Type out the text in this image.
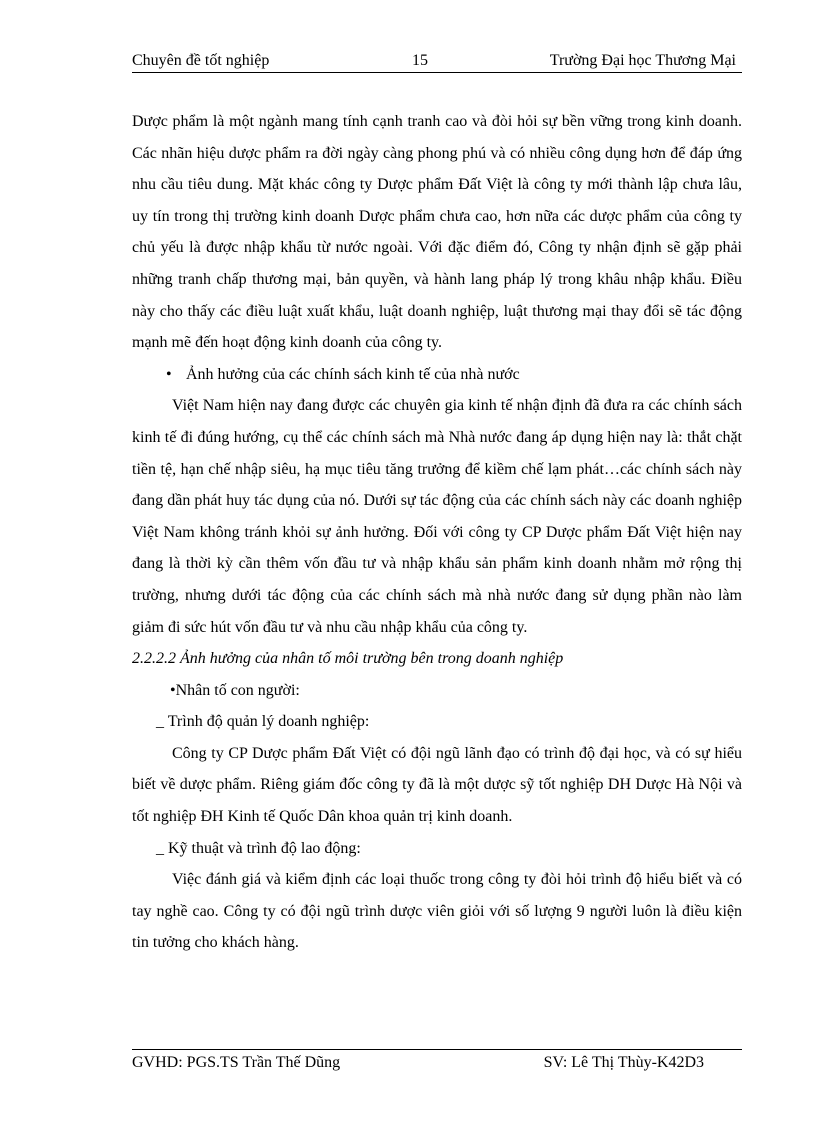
Chuyên đề tốt nghiệp	15	Trường Đại học Thương Mại

Dược phẩm là một ngành mang tính cạnh tranh cao và đòi hỏi sự bền vững trong kinh doanh. Các nhãn hiệu dược phẩm ra đời ngày càng phong phú và có nhiều công dụng hơn để đáp ứng nhu cầu tiêu dung. Mặt khác công ty Dược phẩm Đất Việt là công ty mới thành lập chưa lâu, uy tín trong thị trường kinh doanh Dược phẩm chưa cao, hơn nữa các dược phẩm của công ty chủ yếu là được nhập khẩu từ nước ngoài. Với đặc điểm đó, Công ty nhận định sẽ gặp phải những tranh chấp thương mại, bản quyền, và hành lang pháp lý trong khâu nhập khẩu. Điều này cho thấy các điều luật xuất khẩu, luật doanh nghiệp, luật thương mại thay đổi sẽ tác động mạnh mẽ đến hoạt động kinh doanh của công ty.

• Ảnh hưởng của các chính sách kinh tế của nhà nước

Việt Nam hiện nay đang được các chuyên gia kinh tế nhận định đã đưa ra các chính sách kinh tế đi đúng hướng, cụ thể các chính sách mà Nhà nước đang áp dụng hiện nay là: thắt chặt tiền tệ, hạn chế nhập siêu, hạ mục tiêu tăng trưởng để kiềm chế lạm phát…các chính sách này đang dần phát huy tác dụng của nó. Dưới sự tác động của các chính sách này các doanh nghiệp Việt Nam không tránh khỏi sự ảnh hưởng. Đối với công ty CP Dược phẩm Đất Việt hiện nay đang là thời kỳ cần thêm vốn đầu tư và nhập khẩu sản phẩm kinh doanh nhằm mở rộng thị trường, nhưng dưới tác động của các chính sách mà nhà nước đang sử dụng phần nào làm giảm đi sức hút vốn đầu tư và nhu cầu nhập khẩu của công ty.

2.2.2.2 Ảnh hưởng của nhân tố môi trường bên trong doanh nghiệp

•Nhân tố con người:

_ Trình độ quản lý doanh nghiệp:

Công ty CP Dược phẩm Đất Việt có đội ngũ lãnh đạo có trình độ đại học, và có sự hiểu biết về dược phẩm. Riêng giám đốc công ty đã là một dược sỹ tốt nghiệp DH Dược Hà Nội và tốt nghiệp ĐH Kinh tế Quốc Dân khoa quản trị kinh doanh.

_ Kỹ thuật và trình độ lao động:

Việc đánh giá và kiểm định các loại thuốc trong công ty đòi hỏi trình độ hiểu biết và có tay nghề cao. Công ty có đội ngũ trình dược viên giỏi với số lượng 9 người luôn là điều kiện tin tưởng cho khách hàng.

GVHD: PGS.TS Trần Thế Dũng	SV: Lê Thị Thùy-K42D3
